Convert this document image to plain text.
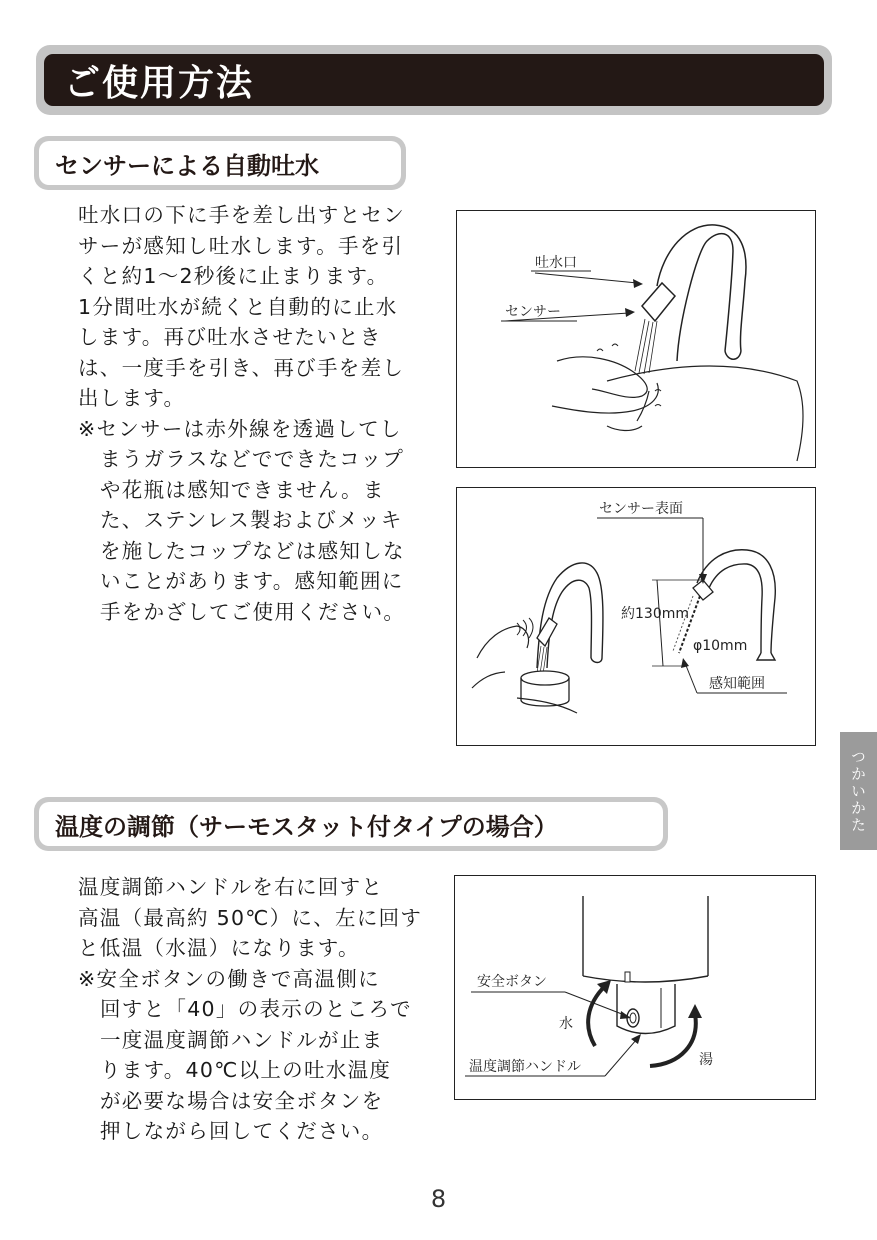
ご使用方法
センサーによる自動吐水
吐水口の下に手を差し出すとセン
サーが感知し吐水します。手を引
くと約1～2秒後に止まります。
1分間吐水が続くと自動的に止水
します。再び吐水させたいとき
は、一度手を引き、再び手を差し
出します。
※センサーは赤外線を透過してし
まうガラスなどでできたコップ
や花瓶は感知できません。ま
た、ステンレス製およびメッキ
を施したコップなどは感知しな
いことがあります。感知範囲に
手をかざしてご使用ください。
吐水口
センサー
センサー表面
約130mm
φ10mm
感知範囲
つかいかた
温度の調節（サーモスタット付タイプの場合）
温度調節ハンドルを右に回すと
高温（最高約 50℃）に、左に回す
と低温（水温）になります。
※安全ボタンの働きで高温側に
回すと「40」の表示のところで
一度温度調節ハンドルが止ま
ります。40℃以上の吐水温度
が必要な場合は安全ボタンを
押しながら回してください。
安全ボタン
水
湯
温度調節ハンドル
8
